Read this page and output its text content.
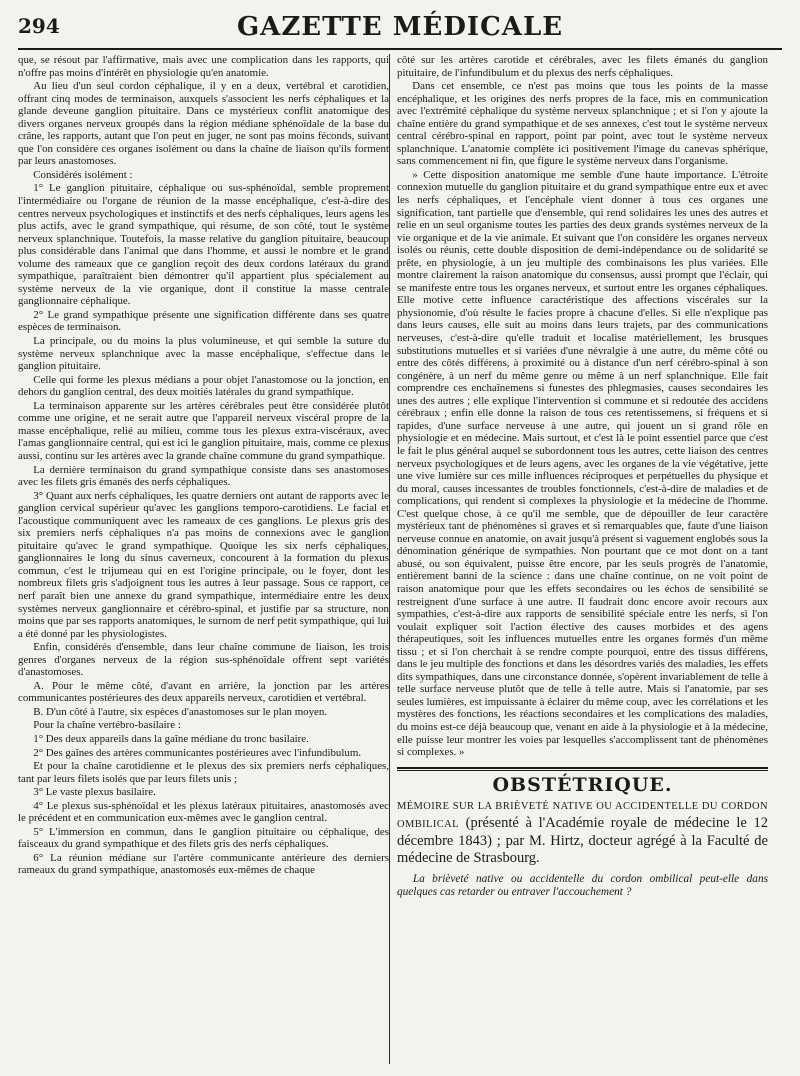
294	GAZETTE MÉDICALE

que, se résout par l'affirmative, mais avec une complication dans les rapports, qui n'offre pas moins d'intérêt en physiologie qu'en anatomie.

Au lieu d'un seul cordon céphalique, il y en a deux, vertébral et carotidien, offrant cinq modes de terminaison, auxquels s'associent les nerfs céphaliques et la glande deveune ganglion pituitaire. Dans ce mystérieux conflit anatomique des divers organes nerveux groupés dans la région médiane sphénoïdale de la base du crâne, les rapports, autant que l'on peut en juger, ne sont pas moins féconds, suivant que l'on considère ces organes isolément ou dans la chaîne de liaison qu'ils forment par leurs anastomoses.

Considérés isolément :

1° Le ganglion pituitaire, céphalique ou sus-sphénoïdal, semble proprement l'intermédiaire ou l'organe de réunion de la masse encéphalique, c'est-à-dire des centres nerveux psychologiques et instinctifs et des nerfs céphaliques, leurs agens les plus actifs, avec le grand sympathique, qui résume, de son côté, tout le système nerveux splanchnique. Toutefois, la masse relative du ganglion pituitaire, beaucoup plus considérable dans l'animal que dans l'homme, et aussi le nombre et le grand volume des rameaux que ce ganglion reçoit des deux cordons latéraux du grand sympathique, paraîtraient bien démontrer qu'il appartient plus spécialement au système nerveux de la vie organique, dont il constitue la masse centrale ganglionnaire céphalique.

2° Le grand sympathique présente une signification différente dans ses quatre espèces de terminaison.

La principale, ou du moins la plus volumineuse, et qui semble la suture du système nerveux splanchnique avec la masse encéphalique, s'effectue dans le ganglion pituitaire.

Celle qui forme les plexus médians a pour objet l'anastomose ou la jonction, en dehors du ganglion central, des deux moitiés latérales du grand sympathique.

La terminaison apparente sur les artères cérébrales peut être considérée plutôt comme une origine, et ne serait autre que l'appareil nerveux viscéral propre de la masse encéphalique, relié au milieu, comme tous les plexus extra-viscéraux, avec l'amas ganglionnaire central, qui est ici le ganglion pituitaire, mais, comme ce plexus aussi, continu sur les artères avec la grande chaîne commune du grand sympathique.

La dernière terminaison du grand sympathique consiste dans ses anastomoses avec les filets gris émanés des nerfs céphaliques.

3° Quant aux nerfs céphaliques, les quatre derniers ont autant de rapports avec le ganglion cervical supérieur qu'avec les ganglions temporo-carotidiens. Le facial et l'acoustique communiquent avec les rameaux de ces ganglions. Le plexus gris des six premiers nerfs céphaliques n'a pas moins de connexions avec le ganglion pituitaire qu'avec le grand sympathique. Quoique les six nerfs céphaliques, ganglionnaires le long du sinus caverneux, concourent à la formation du plexus commun, c'est le trijumeau qui en est l'origine principale, ou le foyer, dont les nombreux filets gris s'adjoignent tous les autres à leur passage. Sous ce rapport, ce nerf paraît bien une annexe du grand sympathique, intermédiaire entre les deux systèmes nerveux ganglionnaire et cérébro-spinal, et justifie par sa structure, non moins que par ses rapports anatomiques, le surnom de nerf petit sympathique, qui lui a été donné par les physiologistes.

Enfin, considérés d'ensemble, dans leur chaîne commune de liaison, les trois genres d'organes nerveux de la région sus-sphénoïdale offrent sept variétés d'anastomoses.

A. Pour le même côté, d'avant en arrière, la jonction par les artères communicantes postérieures des deux appareils nerveux, carotidien et vertébral.

B. D'un côté à l'autre, six espèces d'anastomoses sur le plan moyen.

Pour la chaîne vertébro-basilaire :

1° Des deux appareils dans la gaîne médiane du tronc basilaire.

2° Des gaînes des artères communicantes postérieures avec l'infundibulum.

Et pour la chaîne carotidienne et le plexus des six premiers nerfs céphaliques, tant par leurs filets isolés que par leurs filets unis ;

3° Le vaste plexus basilaire.

4° Le plexus sus-sphénoïdal et les plexus latéraux pituitaires, anastomosés avec le précédent et en communication eux-mêmes avec le ganglion central.

5° L'immersion en commun, dans le ganglion pituitaire ou céphalique, des faisceaux du grand sympathique et des filets gris des nerfs céphaliques.

6° La réunion médiane sur l'artère communicante antérieure des derniers rameaux du grand sympathique, anastomosés eux-mêmes de chaque

côté sur les artères carotide et cérébrales, avec les filets émanés du ganglion pituitaire, de l'infundibulum et du plexus des nerfs céphaliques.

Dans cet ensemble, ce n'est pas moins que tous les points de la masse encéphalique, et les origines des nerfs propres de la face, mis en communication avec l'extrémité céphalique du système nerveux splanchnique ; et si l'on y ajoute la chaîne entière du grand sympathique et de ses annexes, c'est tout le système nerveux central cérébro-spinal en rapport, point par point, avec tout le système nerveux splanchnique. L'anatomie complète ici positivement l'image du canevas sphérique, sans commencement ni fin, que figure le système nerveux dans l'organisme.

» Cette disposition anatomique me semble d'une haute importance. L'étroite connexion mutuelle du ganglion pituitaire et du grand sympathique entre eux et avec les nerfs céphaliques, et l'encéphale vient donner à tous ces organes une signification, tant partielle que d'ensemble, qui rend solidaires les unes des autres et relie en un seul organisme toutes les parties des deux grands systèmes nerveux de la vie organique et de la vie animale. Et suivant que l'on considère les organes nerveux isolés ou réunis, cette double disposition de demi-indépendance ou de solidarité se prête, en physiologie, à un jeu multiple des combinaisons les plus variées. Elle montre clairement la raison anatomique du consensus, aussi prompt que l'éclair, qui se manifeste entre tous les organes nerveux, et surtout entre les organes céphaliques. Elle motive cette influence caractéristique des affections viscérales sur la physionomie, d'où résulte le facies propre à chacune d'elles. Si elle n'explique pas dans leurs causes, elle suit au moins dans leurs trajets, par des communications nerveuses, c'est-à-dire qu'elle traduit et localise matériellement, les brusques substitutions mutuelles et si variées d'une névralgie à une autre, du même côté ou entre des côtés différens, à proximité ou à distance d'un nerf cérébro-spinal à son congénère, à un nerf du même genre ou même à un nerf splanchnique. Elle fait comprendre ces enchaînemens si funestes des phlegmasies, causes secondaires les unes des autres ; elle explique l'intervention si commune et si redoutée des accidens cérébraux ; enfin elle donne la raison de tous ces retentissemens, si fréquens et si rapides, d'une surface nerveuse à une autre, qui jouent un si grand rôle en physiologie et en médecine. Mais surtout, et c'est là le point essentiel parce que c'est le fait le plus général auquel se subordonnent tous les autres, cette liaison des centres nerveux psychologiques et de leurs agens, avec les organes de la vie végétative, jette une vive lumière sur ces mille influences réciproques et perpétuelles du physique et du moral, causes incessantes de troubles fonctionnels, c'est-à-dire de maladies et de complications, qui rendent si complexes la physiologie et la médecine de l'homme. C'est quelque chose, à ce qu'il me semble, que de dépouiller de leur caractère mystérieux tant de phénomènes si graves et si remarquables que, faute d'une liaison nerveuse connue en anatomie, on avait jusqu'à présent si vaguement englobés sous la dénomination générique de sympathies. Non pourtant que ce mot dont on a tant abusé, ou son équivalent, puisse être encore, par les seuls progrès de l'anatomie, entièrement banni de la science : dans une chaîne continue, on ne voit point de raison anatomique pour que les effets secondaires ou les échos de sensibilité se restreignent d'une surface à une autre. Il faudrait donc encore avoir recours aux sympathies, c'est-à-dire aux rapports de sensibilité spéciale entre les nerfs, si l'on voulait expliquer soit l'action élective des causes morbides et des agens thérapeutiques, soit les influences mutuelles entre les organes formés d'un même tissu ; et si l'on cherchait à se rendre compte pourquoi, entre des tissus différens, dans le jeu multiple des fonctions et dans les désordres variés des maladies, les effets dits sympathiques, dans une circonstance donnée, s'opèrent invariablement de telle à telle surface nerveuse plutôt que de telle à telle autre. Mais si l'anatomie, par ses seules lumières, est impuissante à éclairer du même coup, avec les corrélations et les mystères des fonctions, les réactions secondaires et les complications des maladies, du moins est-ce déjà beaucoup que, venant en aide à la physiologie et à la médecine, elle puisse leur montrer les voies par lesquelles s'accomplissent tant de phénomènes si complexes. »

OBSTÉTRIQUE.
MÉMOIRE SUR LA BRIÈVETÉ NATIVE OU ACCIDENTELLE DU CORDON OMBILICAL (présenté à l'Académie royale de médecine le 12 décembre 1843) ; par M. Hirtz, docteur agrégé à la Faculté de médecine de Strasbourg.

La brièveté native ou accidentelle du cordon ombilical peut-elle dans quelques cas retarder ou entraver l'accouchement ?
